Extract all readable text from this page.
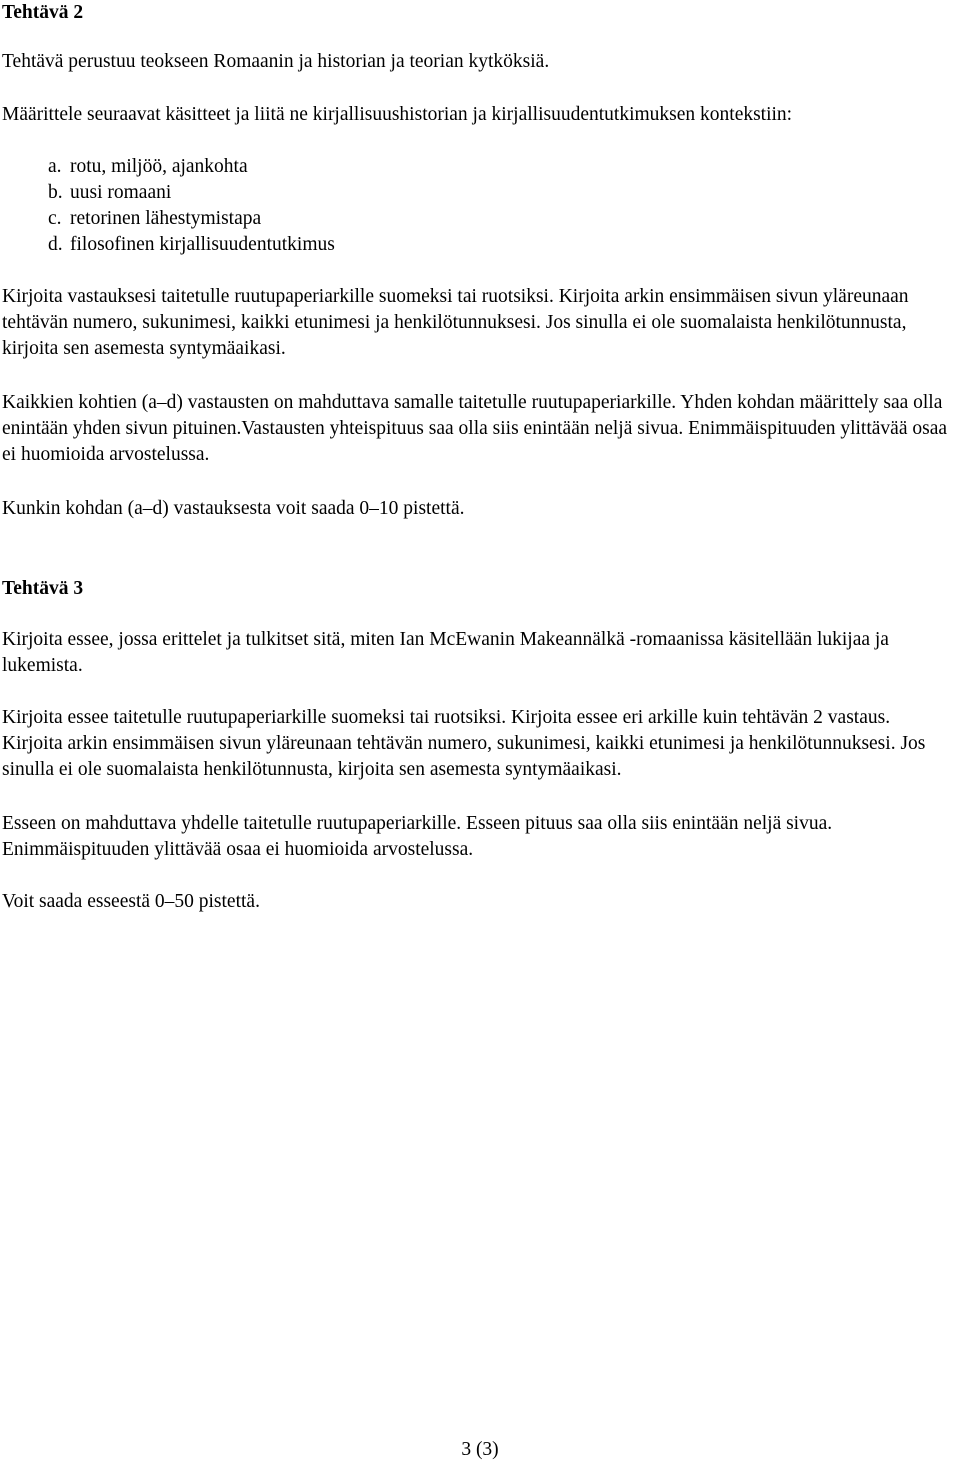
Tehtävä 2

Tehtävä perustuu teokseen Romaanin ja historian ja teorian kytköksiä.

Määrittele seuraavat käsitteet ja liitä ne kirjallisuushistorian ja kirjallisuudentutkimuksen kontekstiin:

a. rotu, miljöö, ajankohta
b. uusi romaani
c. retorinen lähestymistapa
d. filosofinen kirjallisuudentutkimus

Kirjoita vastauksesi taitetulle ruutupaperiarkille suomeksi tai ruotsiksi. Kirjoita arkin ensimmäisen sivun yläreunaan tehtävän numero, sukunimesi, kaikki etunimesi ja henkilötunnuksesi. Jos sinulla ei ole suomalaista henkilötunnusta, kirjoita sen asemesta syntymäaikasi.

Kaikkien kohtien (a–d) vastausten on mahduttava samalle taitetulle ruutupaperiarkille. Yhden kohdan määrittely saa olla enintään yhden sivun pituinen.Vastausten yhteispituus saa olla siis enintään neljä sivua. Enimmäispituuden ylittävää osaa ei huomioida arvostelussa.

Kunkin kohdan (a–d) vastauksesta voit saada 0–10 pistettä.

Tehtävä 3

Kirjoita essee, jossa erittelet ja tulkitset sitä, miten Ian McEwanin Makeannälkä -romaanissa käsitellään lukijaa ja lukemista.

Kirjoita essee taitetulle ruutupaperiarkille suomeksi tai ruotsiksi. Kirjoita essee eri arkille kuin tehtävän 2 vastaus. Kirjoita arkin ensimmäisen sivun yläreunaan tehtävän numero, sukunimesi, kaikki etunimesi ja henkilötunnuksesi. Jos sinulla ei ole suomalaista henkilötunnusta, kirjoita sen asemesta syntymäaikasi.

Esseen on mahduttava yhdelle taitetulle ruutupaperiarkille. Esseen pituus saa olla siis enintään neljä sivua. Enimmäispituuden ylittävää osaa ei huomioida arvostelussa.

Voit saada esseestä 0–50 pistettä.

3 (3)
